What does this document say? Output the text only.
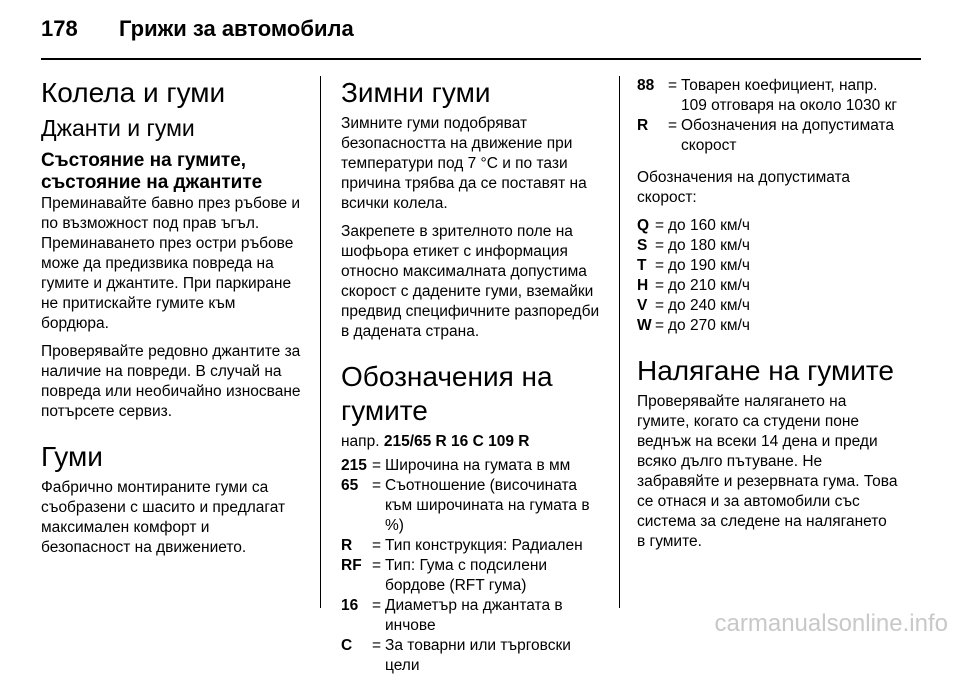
178 Грижи за автомобила
Колела и гуми
Джанти и гуми
Състояние на гумите, състояние на джантите

Преминавайте бавно през ръбове и по възможност под прав ъгъл. Преминаването през остри ръбове може да предизвика повреда на гумите и джантите. При паркиране не притискайте гумите към бордюра.

Проверявайте редовно джантите за наличие на повреди. В случай на повреда или необичайно износване потърсете сервиз.

Гуми

Фабрично монтираните гуми са съобразени с шасито и предлагат максимален комфорт и безопасност на движението.

Зимни гуми

Зимните гуми подобряват безопасността на движение при температури под 7 °C и по тази причина трябва да се поставят на всички колела.

Закрепете в зрителното поле на шофьора етикет с информация относно максималната допустима скорост с дадените гуми, вземайки предвид специфичните разпоредби в дадената страна.

Обозначения на гумите
напр. 215/65 R 16 C 109 R
215 = Широчина на гумата в мм
65 = Съотношение (височината към широчината на гумата в %)
R	= Тип конструкция: Радиален
RF = Тип: Гума с подсилени бордове (RFT гума)
16 = Диаметър на джантата в инчове
C	= За товарни или търговски цели
88 = Товарен коефициент, напр. 109 отговаря на около 1030 кг
R	= Обозначения на допустимата скорост

Обозначения на допустимата скорост:

Q = до 160 км/ч
S = до 180 км/ч
T = до 190 км/ч
H = до 210 км/ч
V = до 240 км/ч
W = до 270 км/ч
Налягане на гумите

Проверявайте налягането на гумите, когато са студени поне веднъж на всеки 14 дена и преди всяко дълго пътуване. Не забравяйте и резервната гума. Това се отнася и за автомобили със система за следене на налягането в гумите.

carmanualsonline.info
